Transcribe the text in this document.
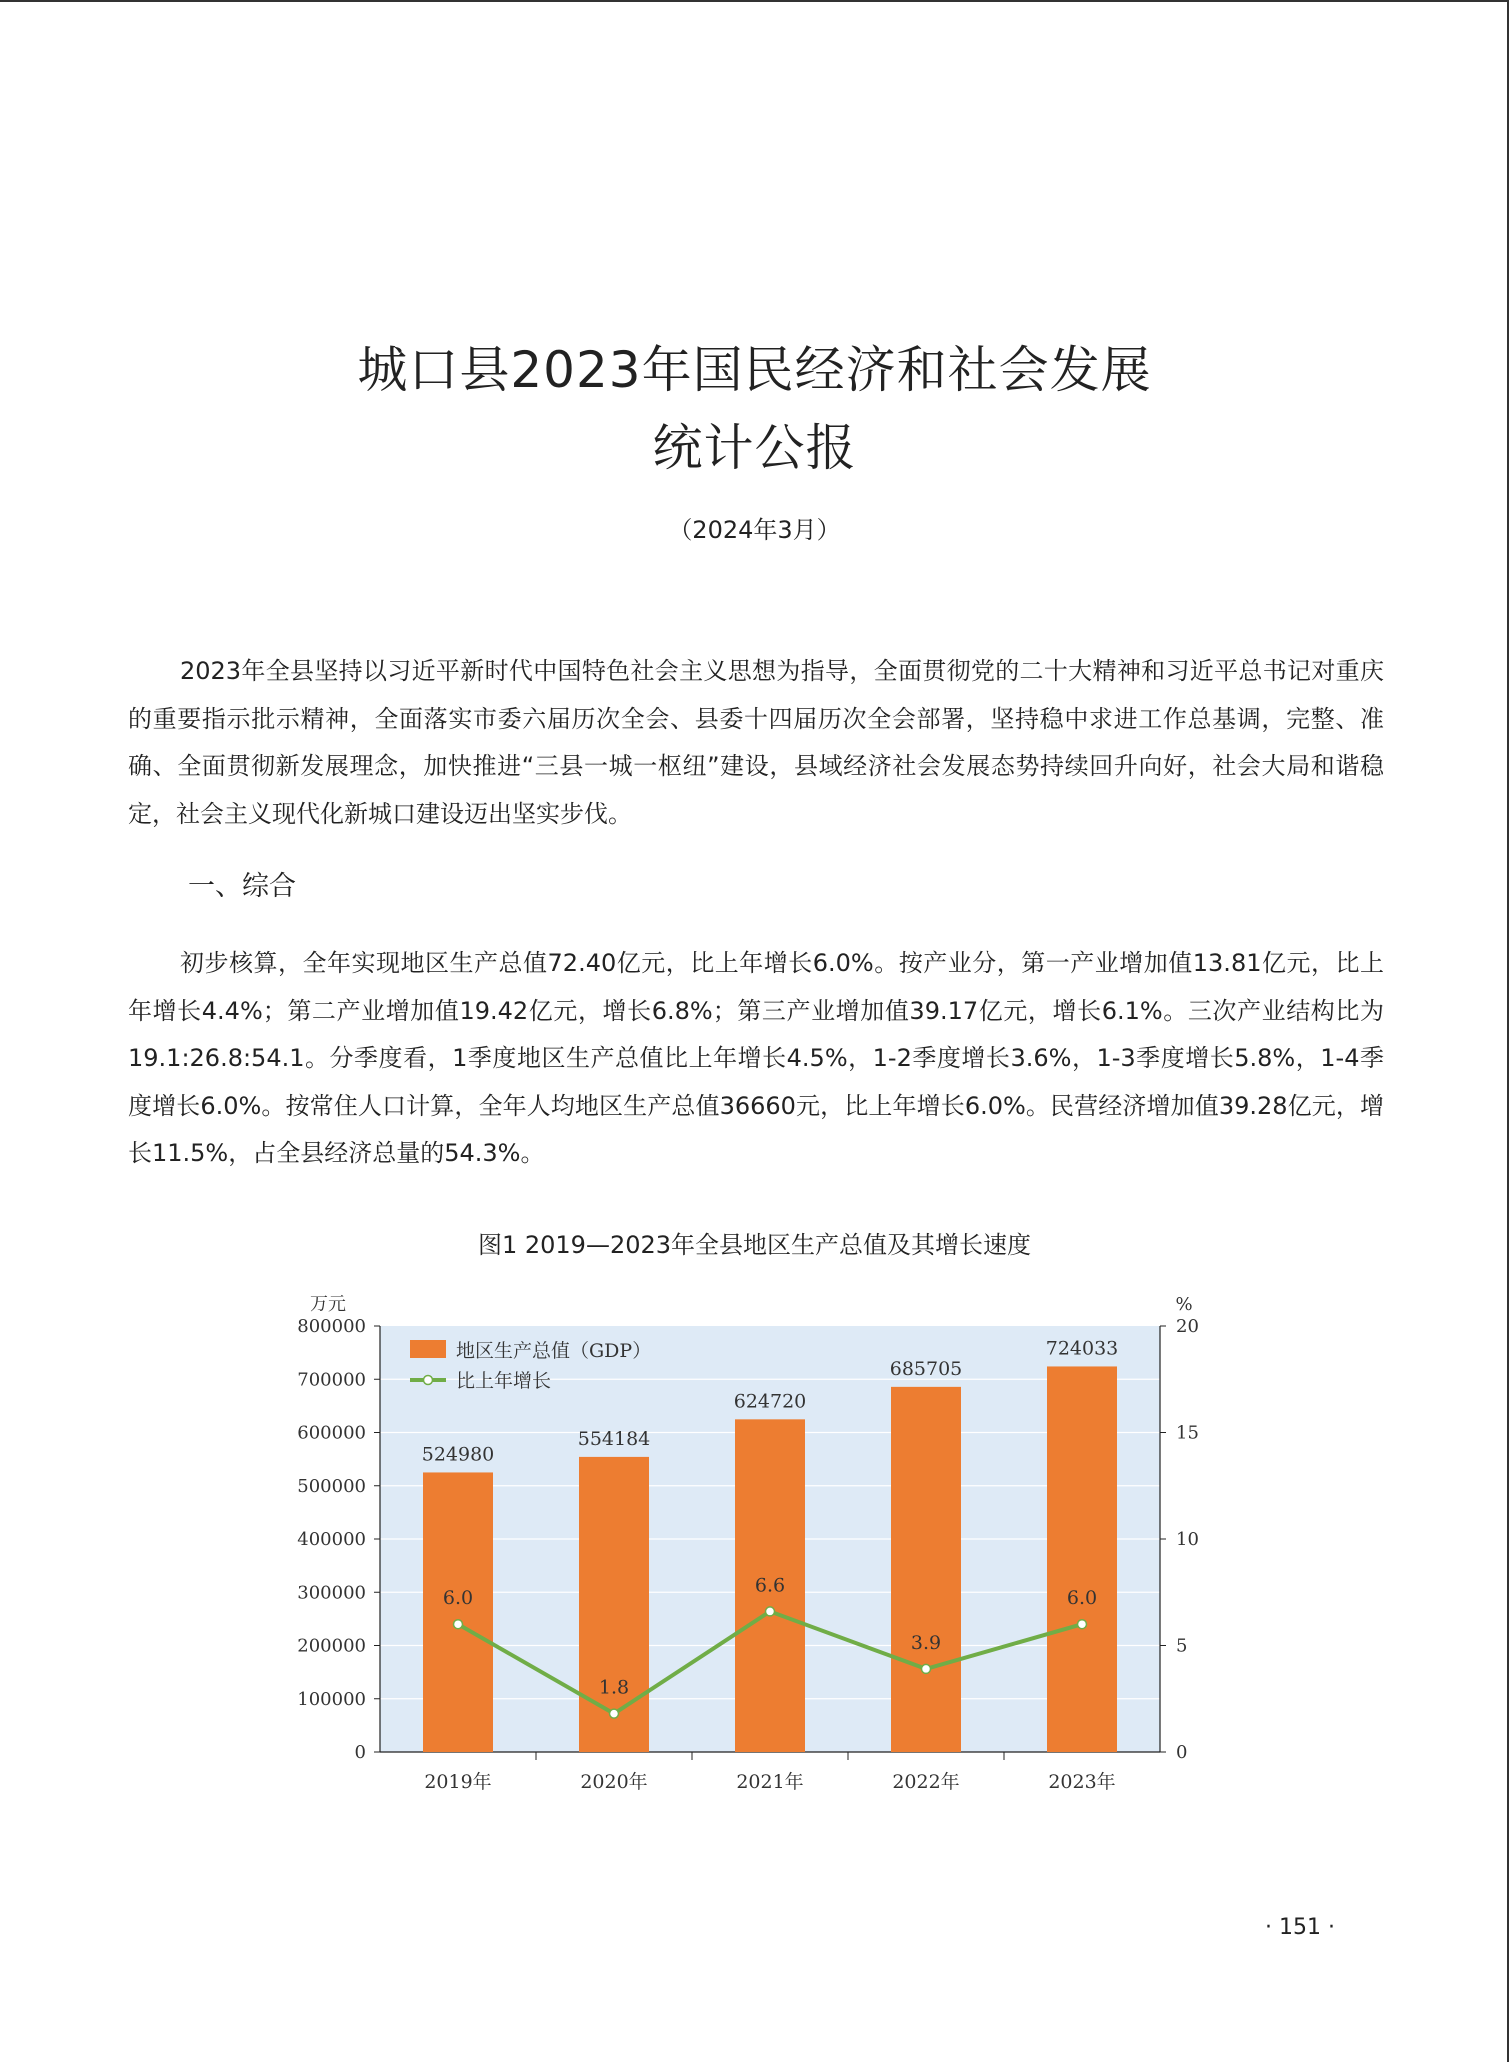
城口县2023年国民经济和社会发展
统计公报
（2024年3月）
2023年全县坚持以习近平新时代中国特色社会主义思想为指导，全面贯彻党的二十大精神和习近平总书记对重庆的重要指示批示精神，全面落实市委六届历次全会、县委十四届历次全会部署，坚持稳中求进工作总基调，完整、准确、全面贯彻新发展理念，加快推进“三县一城一枢纽”建设，县域经济社会发展态势持续回升向好，社会大局和谐稳定，社会主义现代化新城口建设迈出坚实步伐。
一、综合
初步核算，全年实现地区生产总值72.40亿元，比上年增长6.0%。按产业分，第一产业增加值13.81亿元，比上年增长4.4%；第二产业增加值19.42亿元，增长6.8%；第三产业增加值39.17亿元，增长6.1%。三次产业结构比为19.1:26.8:54.1。分季度看，1季度地区生产总值比上年增长4.5%，1-2季度增长3.6%，1-3季度增长5.8%，1-4季度增长6.0%。按常住人口计算，全年人均地区生产总值36660元，比上年增长6.0%。民营经济增加值39.28亿元，增长11.5%，占全县经济总量的54.3%。
图1 2019—2023年全县地区生产总值及其增长速度
0
100000
200000
300000
400000
500000
600000
700000
800000
0
5
10
15
20
万元	%
2019年	2020年	2021年	2022年	2023年
524980
554184
624720
685705
724033
6.0
1.8
6.6
3.9
6.0
地区生产总值（GDP）
比上年增长
· 151 ·
